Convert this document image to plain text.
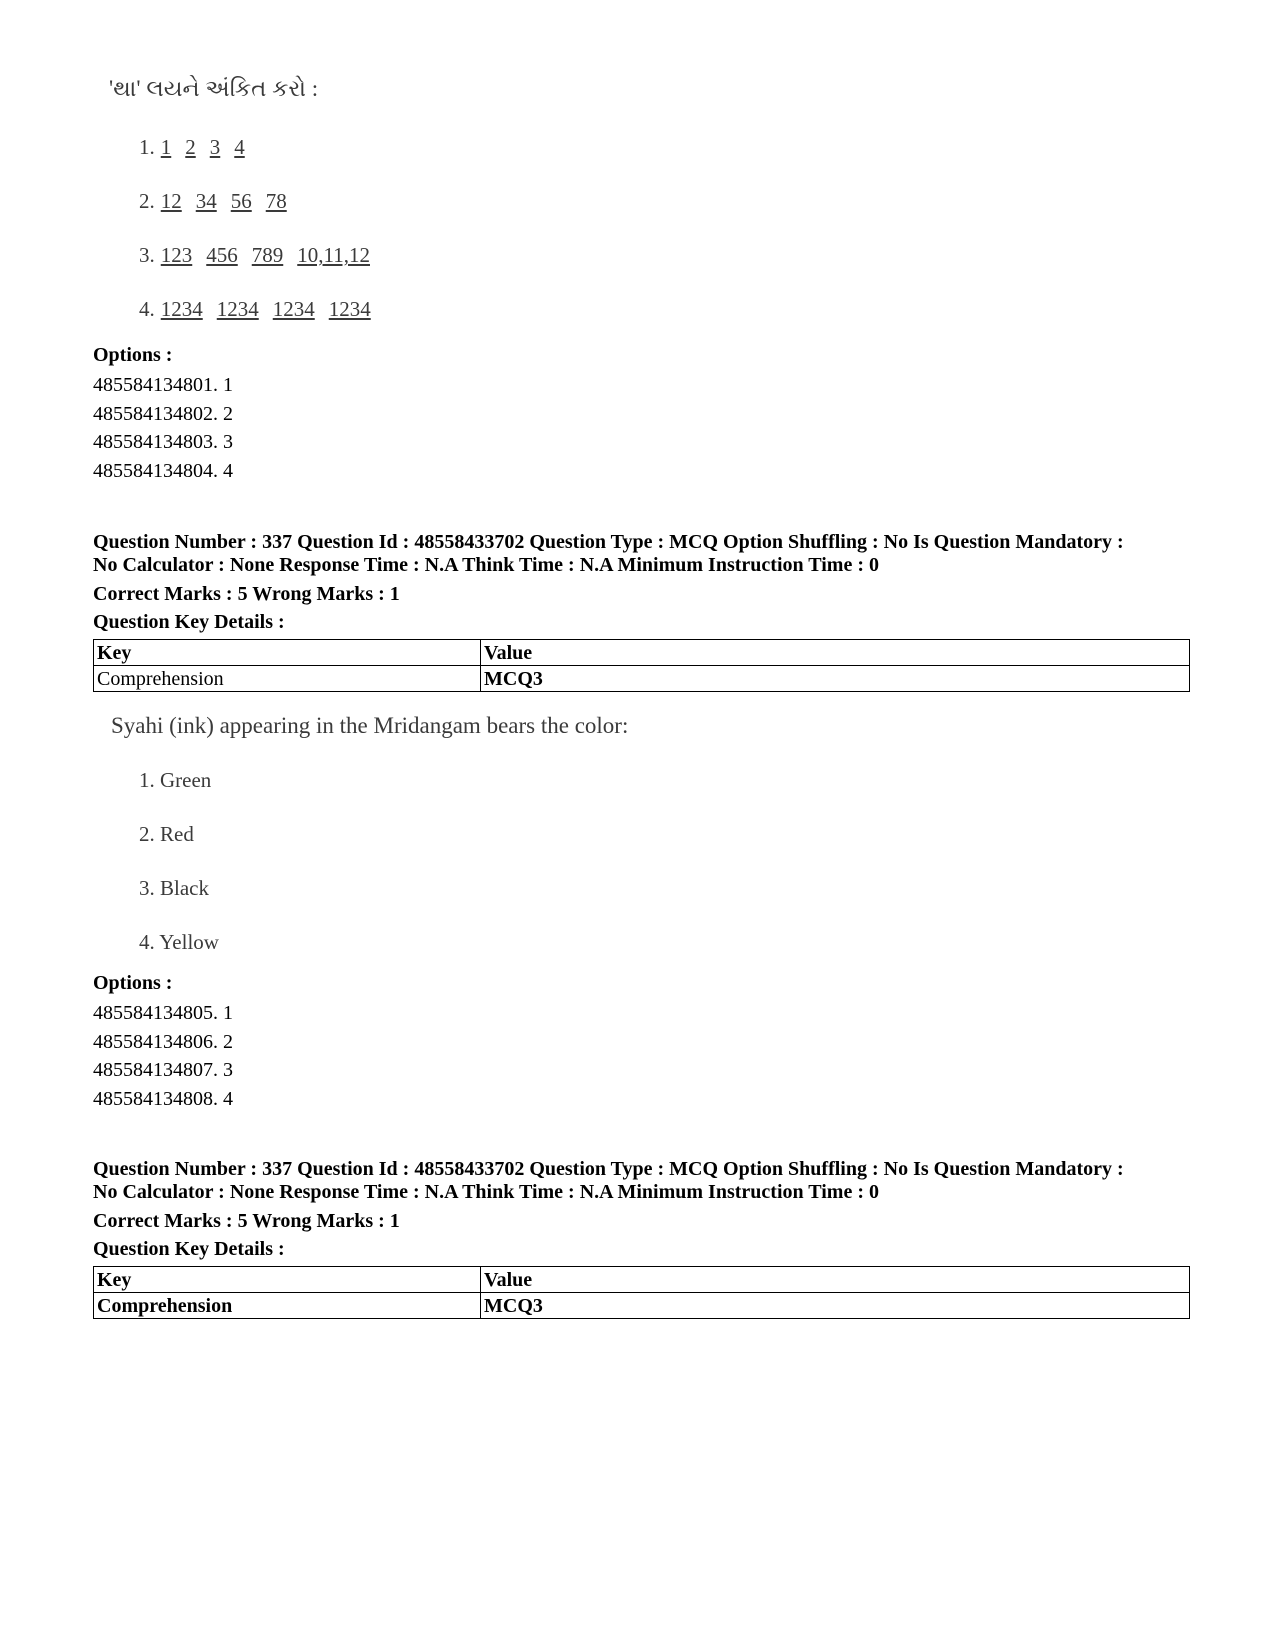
'થા' લયને અંકિત કરો :
1. 1 2 3 4
2. 12 34 56 78
3. 123 456 789 10,11,12
4. 1234 1234 1234 1234
Options :
485584134801. 1
485584134802. 2
485584134803. 3
485584134804. 4

Question Number : 337 Question Id : 48558433702 Question Type : MCQ Option Shuffling : No Is Question Mandatory :

No Calculator : None Response Time : N.A Think Time : N.A Minimum Instruction Time : 0

Correct Marks : 5 Wrong Marks : 1

Question Key Details :

Key	Value
Comprehension	MCQ3
Syahi (ink) appearing in the Mridangam bears the color:
1. Green
2. Red
3. Black
4. Yellow
Options :
485584134805. 1
485584134806. 2
485584134807. 3
485584134808. 4

Question Number : 337 Question Id : 48558433702 Question Type : MCQ Option Shuffling : No Is Question Mandatory :

No Calculator : None Response Time : N.A Think Time : N.A Minimum Instruction Time : 0

Correct Marks : 5 Wrong Marks : 1

Question Key Details :

Key	Value
Comprehension	MCQ3
